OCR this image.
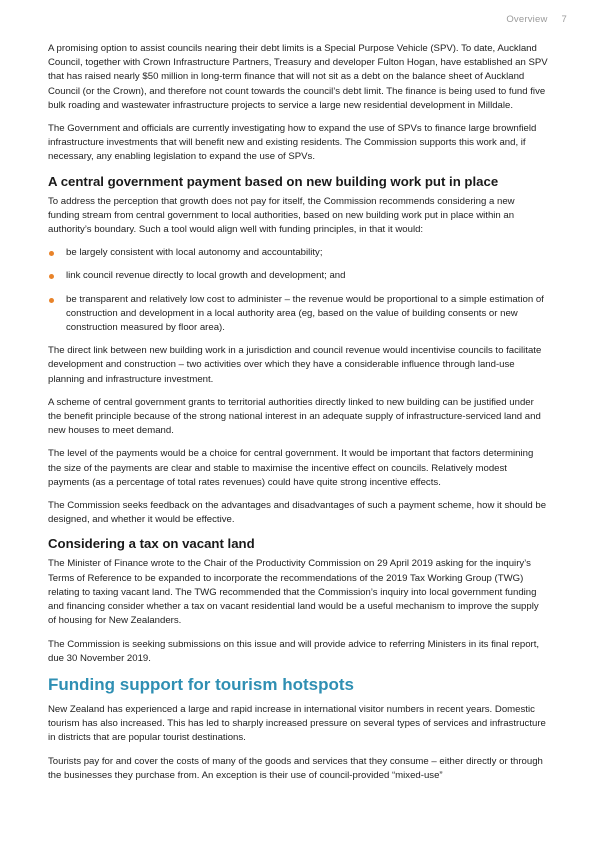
Overview 7

A promising option to assist councils nearing their debt limits is a Special Purpose Vehicle (SPV). To date, Auckland Council, together with Crown Infrastructure Partners, Treasury and developer Fulton Hogan, have established an SPV that has raised nearly $50 million in long-term finance that will not sit as a debt on the balance sheet of Auckland Council (or the Crown), and therefore not count towards the council’s debt limit. The finance is being used to fund five bulk roading and wastewater infrastructure projects to service a large new residential development in Milldale.

The Government and officials are currently investigating how to expand the use of SPVs to finance large brownfield infrastructure investments that will benefit new and existing residents. The Commission supports this work and, if necessary, any enabling legislation to expand the use of SPVs.

A central government payment based on new building work put in place

To address the perception that growth does not pay for itself, the Commission recommends considering a new funding stream from central government to local authorities, based on new building work put in place within an authority’s boundary. Such a tool would align well with funding principles, in that it would:

be largely consistent with local autonomy and accountability;
link council revenue directly to local growth and development; and
be transparent and relatively low cost to administer – the revenue would be proportional to a simple estimation of construction and development in a local authority area (eg, based on the value of building consents or new construction measured by floor area).

The direct link between new building work in a jurisdiction and council revenue would incentivise councils to facilitate development and construction – two activities over which they have a considerable influence through land-use planning and infrastructure investment.

A scheme of central government grants to territorial authorities directly linked to new building can be justified under the benefit principle because of the strong national interest in an adequate supply of infrastructure-serviced land and new houses to meet demand.

The level of the payments would be a choice for central government. It would be important that factors determining the size of the payments are clear and stable to maximise the incentive effect on councils. Relatively modest payments (as a percentage of total rates revenues) could have quite strong incentive effects.

The Commission seeks feedback on the advantages and disadvantages of such a payment scheme, how it should be designed, and whether it would be effective.

Considering a tax on vacant land

The Minister of Finance wrote to the Chair of the Productivity Commission on 29 April 2019 asking for the inquiry’s Terms of Reference to be expanded to incorporate the recommendations of the 2019 Tax Working Group (TWG) relating to taxing vacant land. The TWG recommended that the Commission’s inquiry into local government funding and financing consider whether a tax on vacant residential land would be a useful mechanism to improve the supply of housing for New Zealanders.

The Commission is seeking submissions on this issue and will provide advice to referring Ministers in its final report, due 30 November 2019.

Funding support for tourism hotspots

New Zealand has experienced a large and rapid increase in international visitor numbers in recent years. Domestic tourism has also increased. This has led to sharply increased pressure on several types of services and infrastructure in districts that are popular tourist destinations.

Tourists pay for and cover the costs of many of the goods and services that they consume – either directly or through the businesses they purchase from. An exception is their use of council-provided “mixed-use”
